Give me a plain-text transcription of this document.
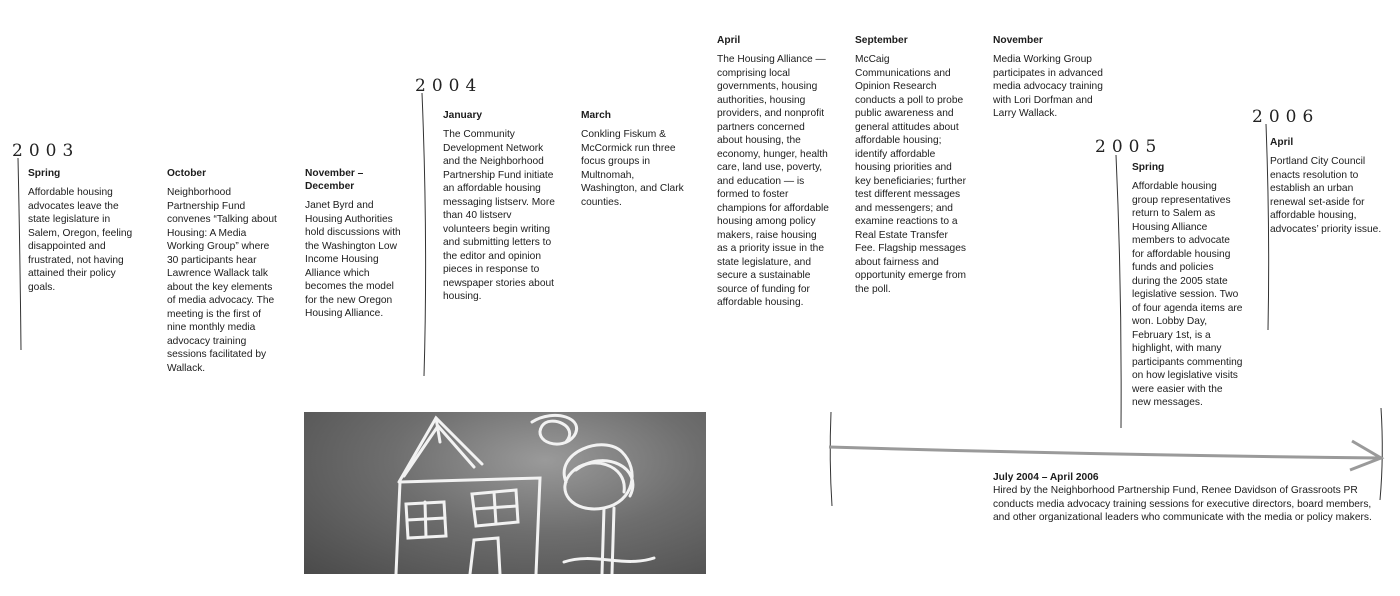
2003
2004
2005
2006
Spring

Affordable housing advocates leave the state legislature in Salem, Oregon, feeling disappointed and frustrated, not having attained their policy goals.

October

Neighborhood Partnership Fund convenes “Talking about Housing: A Media Working Group” where 30 participants hear Lawrence Wallack talk about the key elements of media advocacy. The meeting is the first of nine monthly media advocacy training sessions facilitated by Wallack.

November – December

Janet Byrd and Housing Authorities hold discussions with the Washington Low Income Housing Alliance which becomes the model for the new Oregon Housing Alliance.

January

The Community Development Network and the Neighborhood Partnership Fund initiate an affordable housing messaging listserv. More than 40 listserv volunteers begin writing and submitting letters to the editor and opinion pieces in response to newspaper stories about housing.

March

Conkling Fiskum & McCormick run three focus groups in Multnomah, Washington, and Clark counties.

April

The Housing Alliance — comprising local governments, housing authorities, housing providers, and nonprofit partners concerned about housing, the economy, hunger, health care, land use, poverty, and education — is formed to foster champions for affordable housing among policy makers, raise housing as a priority issue in the state legislature, and secure a sustainable source of funding for affordable housing.

September

McCaig Communications and Opinion Research conducts a poll to probe public awareness and general attitudes about affordable housing; identify affordable housing priorities and key beneficiaries; further test different messages and messengers; and examine reactions to a Real Estate Transfer Fee. Flagship messages about fairness and opportunity emerge from the poll.

November

Media Working Group participates in advanced media advocacy training with Lori Dorfman and Larry Wallack.

Spring

Affordable housing group representatives return to Salem as Housing Alliance members to advocate for affordable housing funds and policies during the 2005 state legislative session. Two of four agenda items are won. Lobby Day, February 1st, is a highlight, with many participants commenting on how legislative visits were easier with the new messages.

April

Portland City Council enacts resolution to establish an urban renewal set-aside for affordable housing, advocates’ priority issue.

July 2004 – April 2006

Hired by the Neighborhood Partnership Fund, Renee Davidson of Grassroots PR conducts media advocacy training sessions for executive directors, board members, and other organizational leaders who communicate with the media or policy makers.
